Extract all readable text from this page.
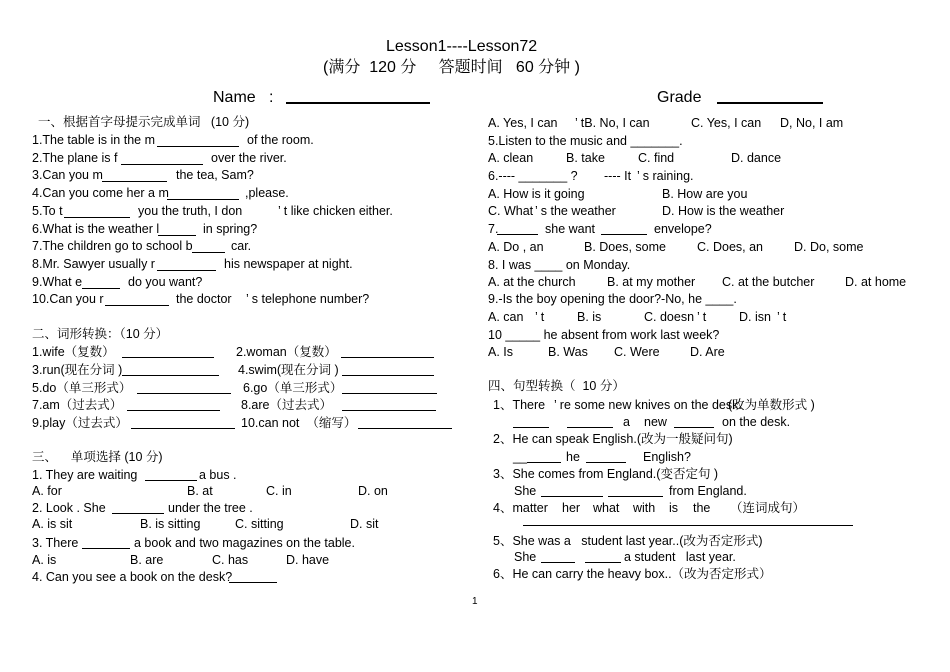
Lesson1----Lesson72
(满分  120 分     答题时间   60 分钟 )
Name   :	Grade
一、根据首字母提示完成单词   (10 分)
1.The table is in the m	of the room.
2.The plane is f	over the river.
3.Can you m	the tea, Sam?
4.Can you come her a m	,please.
5.To t	you the truth, I don	’ t like chicken either.
6.What is the weather l	in spring?
7.The children go to school b	car.
8.Mr. Sawyer usually r	his newspaper at night.
9.What e	do you want?
10.Can you r	the doctor ’ s telephone number?
二、词形转换：（10 分）
1.wife（复数）	2.woman（复数）
3.run(现在分词 )	4.swim(现在分词 )
5.do（单三形式）	6.go（单三形式）
7.am（过去式）	8.are（过去式）
9.play（过去式）	10.can not  （缩写）
三、    单项选择 (10 分)
1. They are waiting	a bus .
A. for	B. at	C. in	D. on
2. Look . She	under the tree .
A. is sit	B. is sitting	C. sitting	D. sit
3. There	a book and two magazines on the table.
A. is	B. are	C. has	D. have
4. Can you see a book on the desk?
A. Yes, I can ’ tB. No, I can	C. Yes, I can D, No, I am
5.Listen to the music and _______.
A. clean	B. take	C. find	D. dance
6.---- _______ ? ---- It ’ s raining.
A. How is it going	B. How are you
C. What ’ s the weather	D. How is the weather
7.	she want	envelope?
A. Do , an	B. Does, some C. Does, an D. Do, some
8. I was ____ on Monday.
A. at the church	B. at my mother C. at the butcher D. at home
9.-Is the boy opening the door?-No, he ____.
A. can ’ t	B. is	C. doesn ’ t	D. isn ’ t
10 _____ he absent from work last week?
A. Is	B. Was C. Were D. Are
四、句型转换（  10 分）
1、There ’ re some new knives on the desk.
(改为单数形式 )
a new	on the desk.
2、He can speak English.(改为一般疑问句)
__	he	English?
3、She comes from England.(变否定句 )
She	from England.
4、matter her what with is the （连词成句）
5、She was a   student last year..(改为否定形式)
She	a student   last year.
6、He can carry the heavy box..（改为否定形式）
1
